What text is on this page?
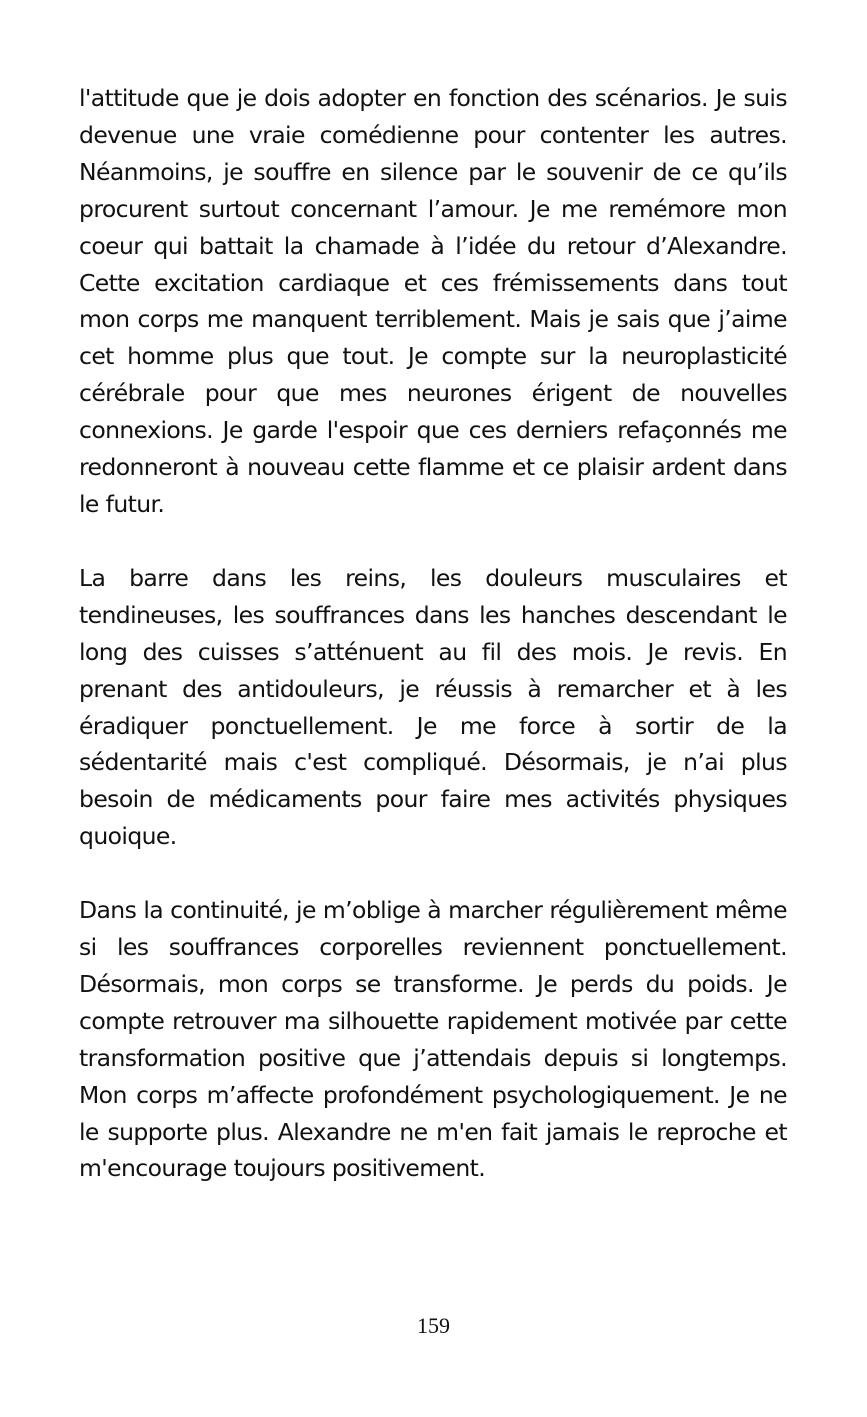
l'attitude que je dois adopter en fonction des scénarios. Je suis devenue une vraie comédienne pour contenter les autres. Néanmoins, je souffre en silence par le souvenir de ce qu’ils procurent surtout concernant l’amour. Je me remémore mon coeur qui battait la chamade à l’idée du retour d’Alexandre. Cette excitation cardiaque et ces frémissements dans tout mon corps me manquent terriblement. Mais je sais que j’aime cet homme plus que tout. Je compte sur la neuroplasticité cérébrale pour que mes neurones érigent de nouvelles connexions. Je garde l'espoir que ces derniers refaçonnés me redonneront à nouveau cette flamme et ce plaisir ardent dans le futur.

La barre dans les reins, les douleurs musculaires et tendineuses, les souffrances dans les hanches descendant le long des cuisses s’atténuent au fil des mois. Je revis. En prenant des antidouleurs, je réussis à remarcher et à les éradiquer ponctuellement. Je me force à sortir de la sédentarité mais c'est compliqué. Désormais, je n’ai plus besoin de médicaments pour faire mes activités physiques quoique.

Dans la continuité, je m’oblige à marcher régulièrement même si les souffrances corporelles reviennent ponctuellement. Désormais, mon corps se transforme. Je perds du poids. Je compte retrouver ma silhouette rapidement motivée par cette transformation positive que j’attendais depuis si longtemps. Mon corps m’affecte profondément psychologiquement. Je ne le supporte plus. Alexandre ne m'en fait jamais le reproche et m'encourage toujours positivement.

159
